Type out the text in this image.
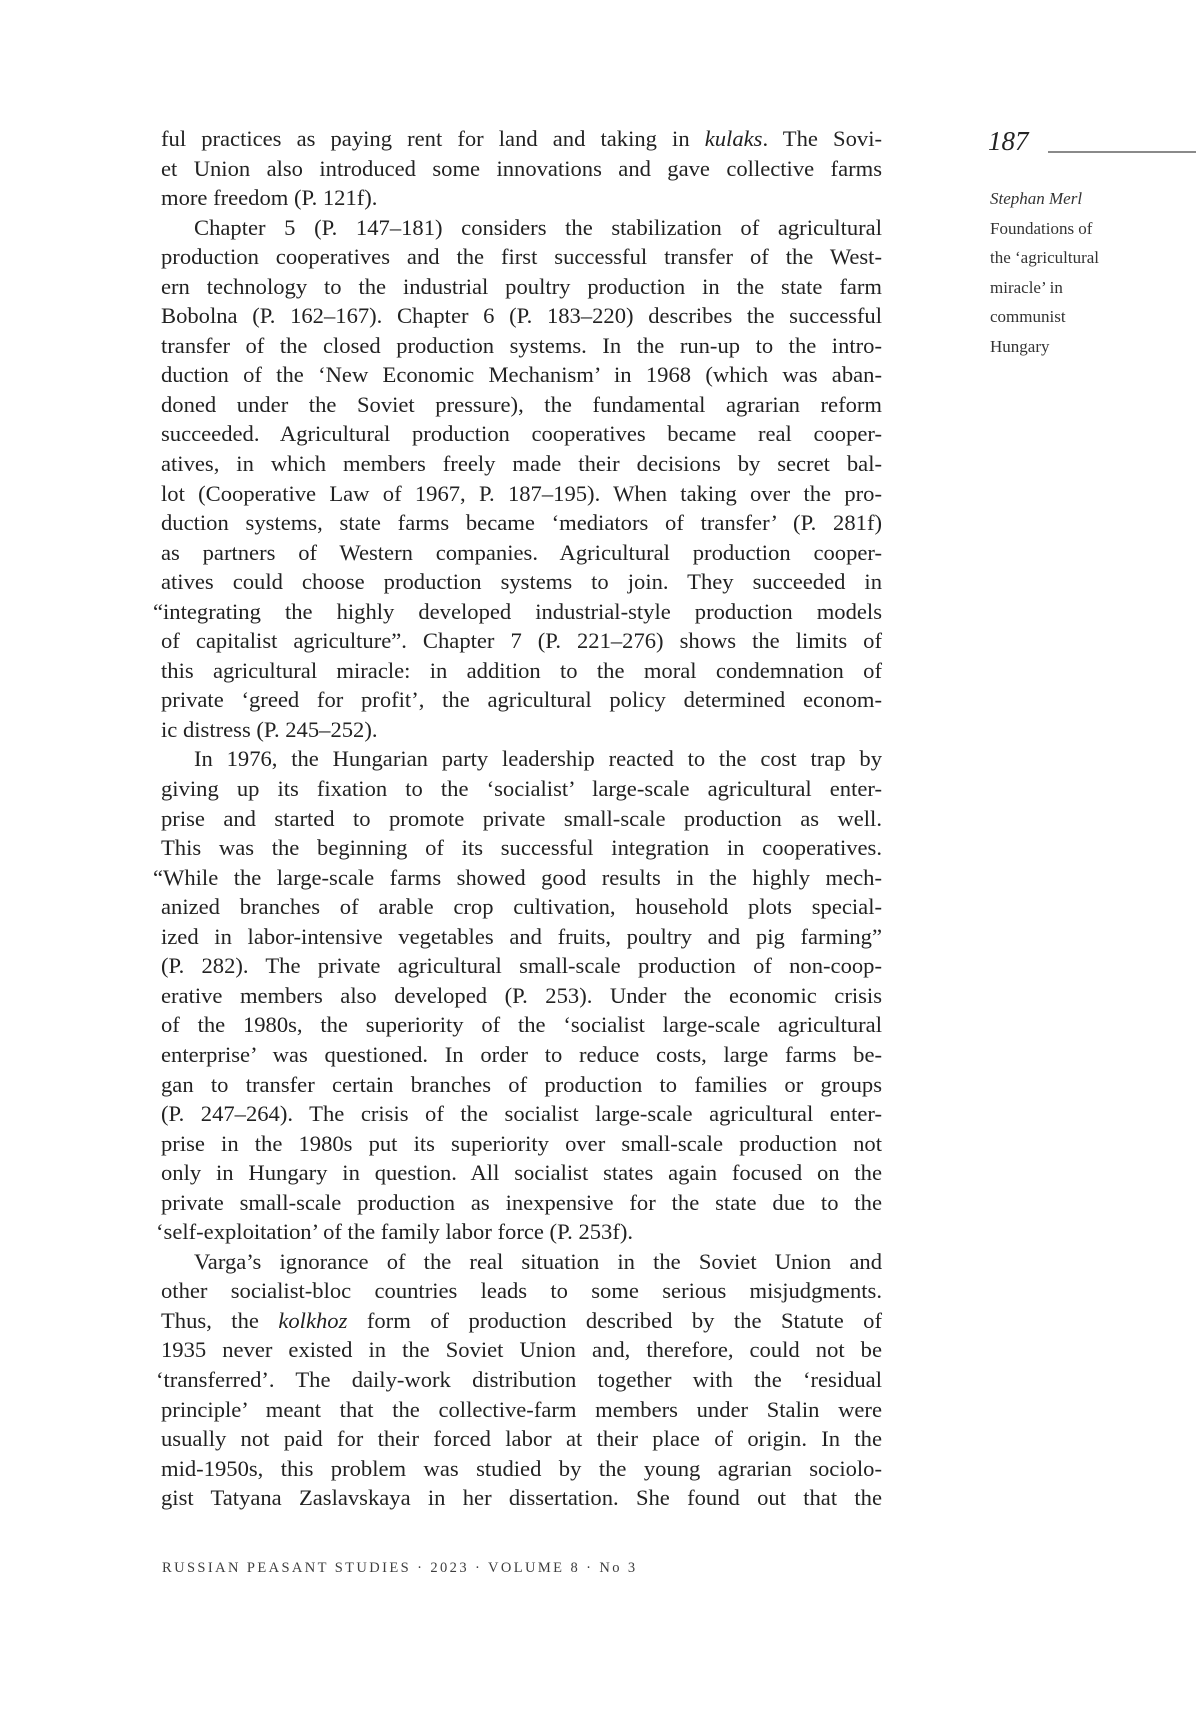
ful practices as paying rent for land and taking in kulaks. The Sovi-
et Union also introduced some innovations and gave collective farms
more freedom (P. 121f).
Chapter 5 (P. 147–181) considers the stabilization of agricultural
production cooperatives and the first successful transfer of the West-
ern technology to the industrial poultry production in the state farm
Bobolna (P. 162–167). Chapter 6 (P. 183–220) describes the successful
transfer of the closed production systems. In the run-up to the intro-
duction of the ‘New Economic Mechanism’ in 1968 (which was aban-
doned under the Soviet pressure), the fundamental agrarian reform
succeeded. Agricultural production cooperatives became real cooper-
atives, in which members freely made their decisions by secret bal-
lot (Cooperative Law of 1967, P. 187–195). When taking over the pro-
duction systems, state farms became ‘mediators of transfer’ (P. 281f)
as partners of Western companies. Agricultural production cooper-
atives could choose production systems to join. They succeeded in
“integrating the highly developed industrial-style production models
of capitalist agriculture”. Chapter 7 (P. 221–276) shows the limits of
this agricultural miracle: in addition to the moral condemnation of
private ‘greed for profit’, the agricultural policy determined econom-
ic distress (P. 245–252).
In 1976, the Hungarian party leadership reacted to the cost trap by
giving up its fixation to the ‘socialist’ large-scale agricultural enter-
prise and started to promote private small-scale production as well.
This was the beginning of its successful integration in cooperatives.
“While the large-scale farms showed good results in the highly mech-
anized branches of arable crop cultivation, household plots special-
ized in labor-intensive vegetables and fruits, poultry and pig farming”
(P. 282). The private agricultural small-scale production of non-coop-
erative members also developed (P. 253). Under the economic crisis
of the 1980s, the superiority of the ‘socialist large-scale agricultural
enterprise’ was questioned. In order to reduce costs, large farms be-
gan to transfer certain branches of production to families or groups
(P. 247–264). The crisis of the socialist large-scale agricultural enter-
prise in the 1980s put its superiority over small-scale production not
only in Hungary in question. All socialist states again focused on the
private small-scale production as inexpensive for the state due to the
‘self-exploitation’ of the family labor force (P. 253f).
Varga’s ignorance of the real situation in the Soviet Union and
other socialist-bloc countries leads to some serious misjudgments.
Thus, the kolkhoz form of production described by the Statute of
1935 never existed in the Soviet Union and, therefore, could not be
‘transferred’. The daily-work distribution together with the ‘residual
principle’ meant that the collective-farm members under Stalin were
usually not paid for their forced labor at their place of origin. In the
mid-1950s, this problem was studied by the young agrarian sociolo-
gist Tatyana Zaslavskaya in her dissertation. She found out that the
187
Stephan Merl
Foundations of
the ‘agricultural
miracle’ in
communist
Hungary
RUSSIAN PEASANT STUDIES · 2023 · VOLUME 8 · No 3
